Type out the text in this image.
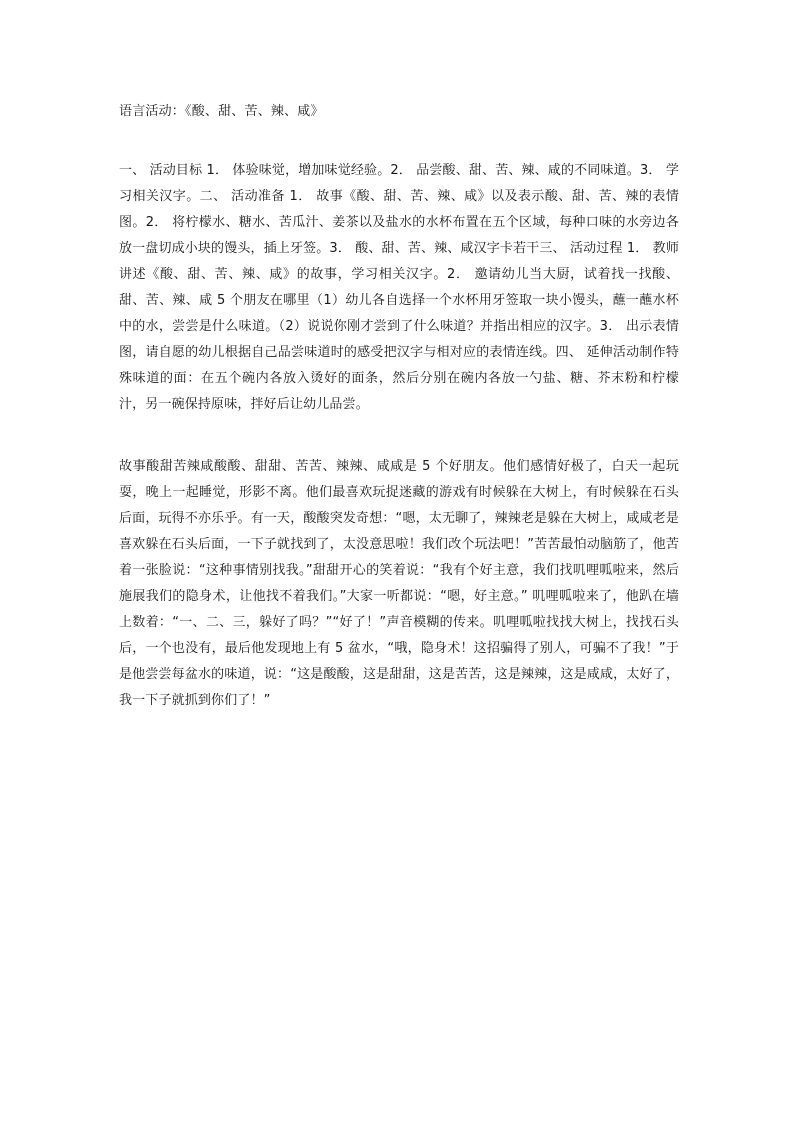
语言活动：《酸、甜、苦、辣、咸》

一、 活动目标 1． 体验味觉，增加味觉经验。2． 品尝酸、甜、苦、辣、咸的不同味道。3． 学习相关汉字。二、 活动准备 1． 故事《酸、甜、苦、辣、咸》以及表示酸、甜、苦、辣的表情图。2． 将柠檬水、糖水、苦瓜汁、姜茶以及盐水的水杯布置在五个区域，每种口味的水旁边各放一盘切成小块的馒头，插上牙签。3． 酸、甜、苦、辣、咸汉字卡若干三、 活动过程 1． 教师讲述《酸、甜、苦、辣、咸》的故事，学习相关汉字。2． 邀请幼儿当大厨，试着找一找酸、甜、苦、辣、咸 5 个朋友在哪里（1）幼儿各自选择一个水杯用牙签取一块小馒头，蘸一蘸水杯中的水，尝尝是什么味道。（2）说说你刚才尝到了什么味道？并指出相应的汉字。3． 出示表情图，请自愿的幼儿根据自己品尝味道时的感受把汉字与相对应的表情连线。四、 延伸活动制作特殊味道的面：在五个碗内各放入烫好的面条，然后分别在碗内各放一勺盐、糖、芥末粉和柠檬汁，另一碗保持原味，拌好后让幼儿品尝。

故事酸甜苦辣咸酸酸、甜甜、苦苦、辣辣、咸咸是 5 个好朋友。他们感情好极了，白天一起玩耍，晚上一起睡觉，形影不离。他们最喜欢玩捉迷藏的游戏有时候躲在大树上，有时候躲在石头后面，玩得不亦乐乎。有一天，酸酸突发奇想：“嗯，太无聊了，辣辣老是躲在大树上，咸咸老是喜欢躲在石头后面，一下子就找到了，太没意思啦！我们改个玩法吧！”苦苦最怕动脑筋了，他苦着一张脸说：“这种事情别找我。”甜甜开心的笑着说：“我有个好主意，我们找叽哩呱啦来，然后施展我们的隐身术，让他找不着我们。”大家一听都说：“嗯，好主意。” 叽哩呱啦来了，他趴在墙上数着：“一、二、三，躲好了吗？”“好了！”声音模糊的传来。叽哩呱啦找找大树上，找找石头后，一个也没有，最后他发现地上有 5 盆水，“哦，隐身术！这招骗得了别人，可骗不了我！”于是他尝尝每盆水的味道，说：“这是酸酸，这是甜甜，这是苦苦，这是辣辣，这是咸咸，太好了，我一下子就抓到你们了！”
